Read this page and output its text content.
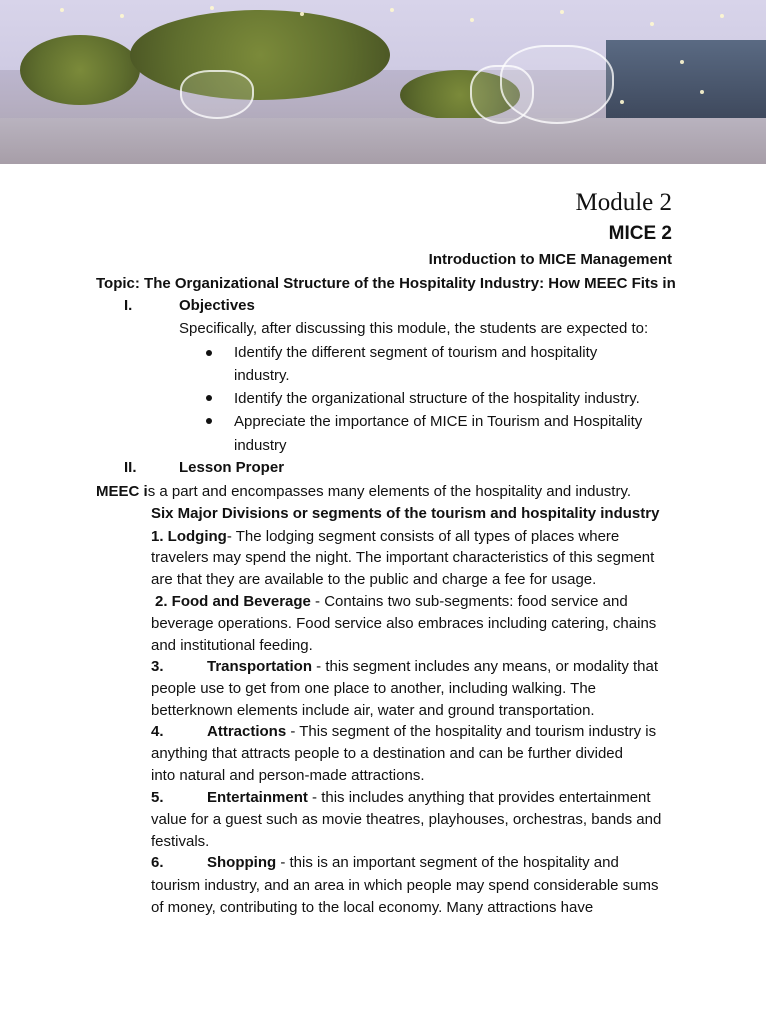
Module 2
MICE 2
Introduction to MICE Management
Topic: The Organizational Structure of the Hospitality Industry: How MEEC Fits in
I.	Objectives
Specifically, after discussing this module, the students are expected to:
Identify the different segment of tourism and hospitality
industry.
Identify the organizational structure of the hospitality industry.
Appreciate the importance of MICE in Tourism and Hospitality
industry
II.	Lesson Proper
MEEC is a part and encompasses many elements of the hospitality and industry.
Six Major Divisions or segments of the tourism and hospitality industry
1. Lodging- The lodging segment consists of all types of places where
travelers may spend the night. The important characteristics of this segment
are that they are available to the public and charge a fee for usage.
2. Food and Beverage - Contains two sub-segments: food service and
beverage operations. Food service also embraces including catering, chains
and institutional feeding.
3.	Transportation - this segment includes any means, or modality that
people use to get from one place to another, including walking. The
betterknown elements include air, water and ground transportation.
4.	Attractions - This segment of the hospitality and tourism industry is
anything that attracts people to a destination and can be further divided
into natural and person-made attractions.
5.	Entertainment - this includes anything that provides entertainment
value for a guest such as movie theatres, playhouses, orchestras, bands and
festivals.
6.	Shopping - this is an important segment of the hospitality and
tourism industry, and an area in which people may spend considerable sums
of money, contributing to the local economy. Many attractions have
